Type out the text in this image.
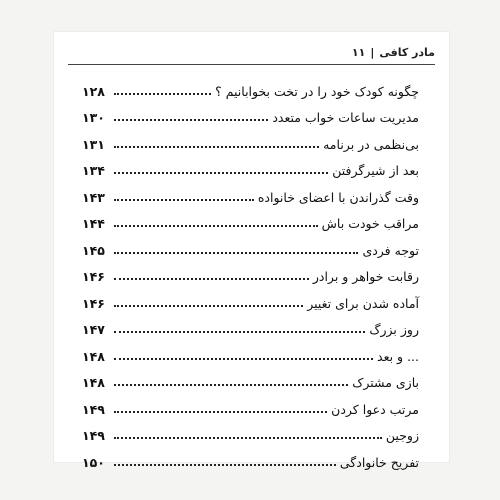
مادر کافی
|
۱۱
چگونه کودک خود را در تخت بخوابانیم ؟
۱۲۸
مدیریت ساعات خواب متعدد
۱۳۰
بی‌نظمی در برنامه
۱۳۱
بعد از شیرگرفتن
۱۳۴
وقت گذراندن با اعضای خانواده
۱۴۳
مراقب خودت باش
۱۴۴
توجه فردی
۱۴۵
رقابت خواهر و برادر
۱۴۶
آماده شدن برای تغییر
۱۴۶
روز بزرگ
۱۴۷
... و بعد
۱۴۸
بازی مشترک
۱۴۸
مرتب دعوا کردن
۱۴۹
زوجین
۱۴۹
تفریح خانوادگی
۱۵۰
